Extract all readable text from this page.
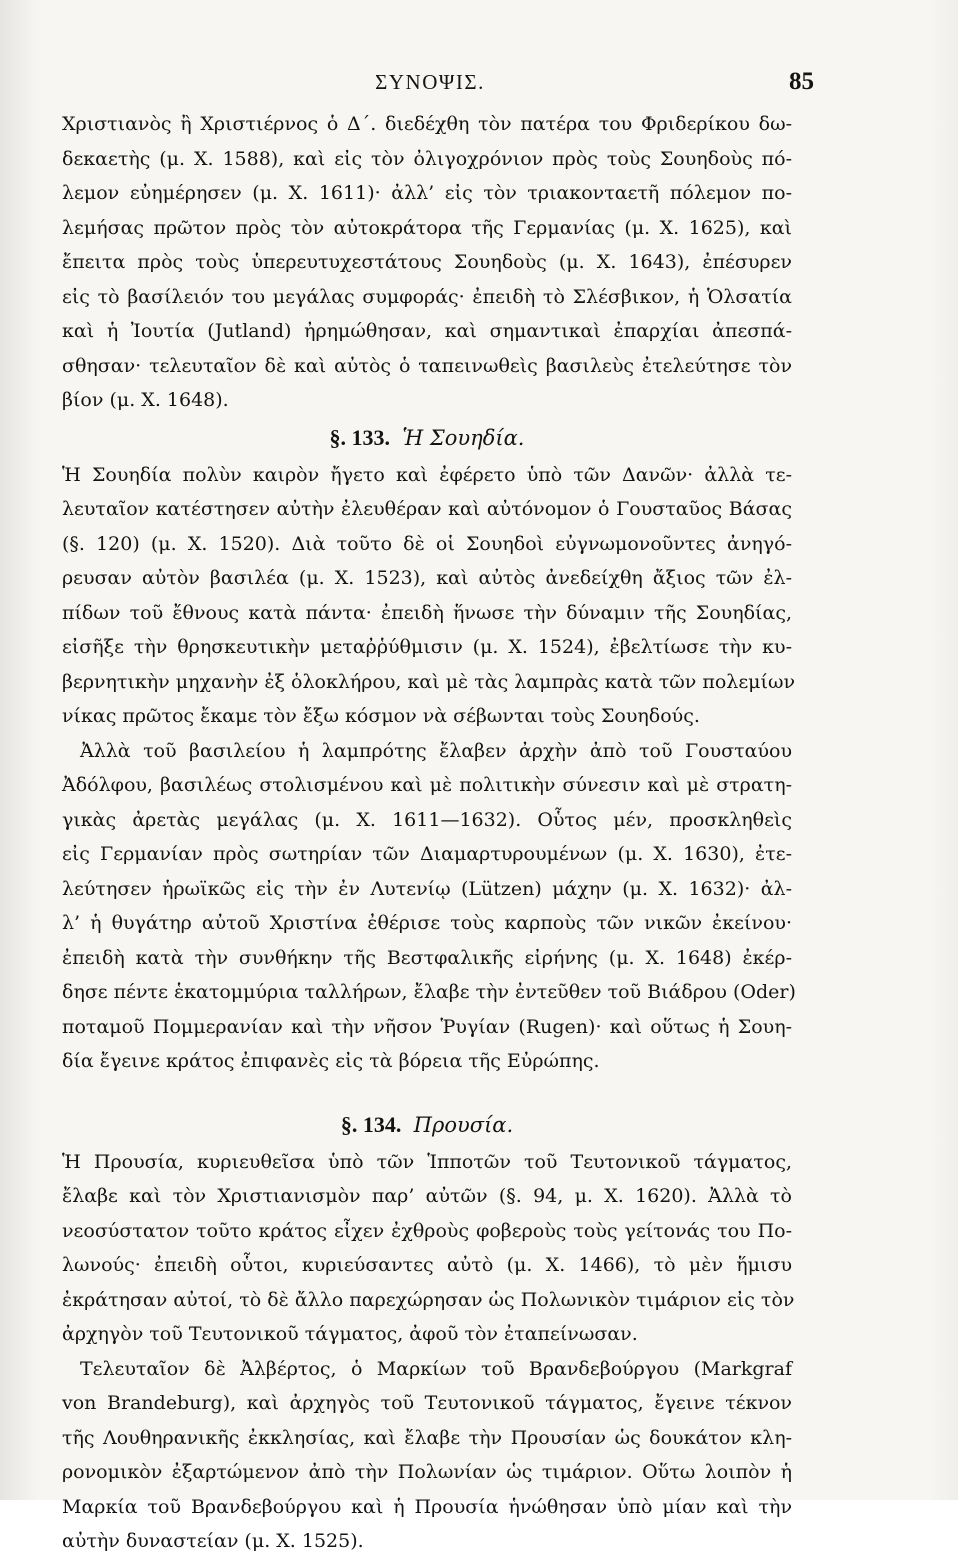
ΣΥΝΟΨΙΣ.	85
Χριστιανὸς ἢ Χριστιέρνος ὁ Δ΄. διεδέχθη τὸν πατέρα του Φριδερίκου δω-
δεκαετὴς (μ. Χ. 1588), καὶ εἰς τὸν ὀλιγοχρόνιον πρὸς τοὺς Σουηδοὺς πό-
λεμον εὐημέρησεν (μ. Χ. 1611)· ἀλλ’ εἰς τὸν τριακονταετῆ πόλεμον πο-
λεμήσας πρῶτον πρὸς τὸν αὐτοκράτορα τῆς Γερμανίας (μ. Χ. 1625), καὶ
ἔπειτα πρὸς τοὺς ὑπερευτυχεστάτους Σουηδοὺς (μ. Χ. 1643), ἐπέσυρεν
εἰς τὸ βασίλειόν του μεγάλας συμφοράς· ἐπειδὴ τὸ Σλέσβικον, ἡ Ὁλσατία
καὶ ἡ Ἰουτία (Jutland) ἠρημώθησαν, καὶ σημαντικαὶ ἐπαρχίαι ἀπεσπά-
σθησαν· τελευταῖον δὲ καὶ αὐτὸς ὁ ταπεινωθεὶς βασιλεὺς ἐτελεύτησε τὸν
βίον (μ. Χ. 1648).
§. 133. Ἡ Σουηδία.
Ἡ Σουηδία πολὺν καιρὸν ἤγετο καὶ ἐφέρετο ὑπὸ τῶν Δανῶν· ἀλλὰ τε-
λευταῖον κατέστησεν αὐτὴν ἐλευθέραν καὶ αὐτόνομον ὁ Γουσταῦος Βάσας
(§. 120) (μ. Χ. 1520). Διὰ τοῦτο δὲ οἱ Σουηδοὶ εὐγνωμονοῦντες ἀνηγό-
ρευσαν αὐτὸν βασιλέα (μ. Χ. 1523), καὶ αὐτὸς ἀνεδείχθη ἄξιος τῶν ἐλ-
πίδων τοῦ ἔθνους κατὰ πάντα· ἐπειδὴ ἥνωσε τὴν δύναμιν τῆς Σουηδίας,
εἰσῆξε τὴν θρησκευτικὴν μεταῤῥύθμισιν (μ. Χ. 1524), ἐβελτίωσε τὴν κυ-
βερνητικὴν μηχανὴν ἐξ ὁλοκλήρου, καὶ μὲ τὰς λαμπρὰς κατὰ τῶν πολεμίων
νίκας πρῶτος ἔκαμε τὸν ἔξω κόσμον νὰ σέβωνται τοὺς Σουηδούς.
Ἀλλὰ τοῦ βασιλείου ἡ λαμπρότης ἔλαβεν ἀρχὴν ἀπὸ τοῦ Γουσταύου
Ἀδόλφου, βασιλέως στολισμένου καὶ μὲ πολιτικὴν σύνεσιν καὶ μὲ στρατη-
γικὰς ἀρετὰς μεγάλας (μ. Χ. 1611—1632). Οὗτος μέν, προσκληθεὶς
εἰς Γερμανίαν πρὸς σωτηρίαν τῶν Διαμαρτυρουμένων (μ. Χ. 1630), ἐτε-
λεύτησεν ἡρωϊκῶς εἰς τὴν ἐν Λυτενίῳ (Lützen) μάχην (μ. Χ. 1632)· ἀλ-
λ’ ἡ θυγάτηρ αὐτοῦ Χριστίνα ἐθέρισε τοὺς καρποὺς τῶν νικῶν ἐκείνου·
ἐπειδὴ κατὰ τὴν συνθήκην τῆς Βεστφαλικῆς εἰρήνης (μ. Χ. 1648) ἐκέρ-
δησε πέντε ἑκατομμύρια ταλλήρων, ἔλαβε τὴν ἐντεῦθεν τοῦ Βιάδρου (Oder)
ποταμοῦ Πομμερανίαν καὶ τὴν νῆσον Ῥυγίαν (Rugen)· καὶ οὕτως ἡ Σουη-
δία ἔγεινε κράτος ἐπιφανὲς εἰς τὰ βόρεια τῆς Εὐρώπης.
§. 134. Προυσία.
Ἡ Προυσία, κυριευθεῖσα ὑπὸ τῶν Ἱπποτῶν τοῦ Τευτονικοῦ τάγματος,
ἔλαβε καὶ τὸν Χριστιανισμὸν παρ’ αὐτῶν (§. 94, μ. Χ. 1620). Ἀλλὰ τὸ
νεοσύστατον τοῦτο κράτος εἶχεν ἐχθροὺς φοβεροὺς τοὺς γείτονάς του Πο-
λωνούς· ἐπειδὴ οὗτοι, κυριεύσαντες αὐτὸ (μ. Χ. 1466), τὸ μὲν ἥμισυ
ἐκράτησαν αὐτοί, τὸ δὲ ἄλλο παρεχώρησαν ὡς Πολωνικὸν τιμάριον εἰς τὸν
ἀρχηγὸν τοῦ Τευτονικοῦ τάγματος, ἀφοῦ τὸν ἐταπείνωσαν.
Τελευταῖον δὲ Ἀλβέρτος, ὁ Μαρκίων τοῦ Βρανδεβούργου (Markgraf
von Brandeburg), καὶ ἀρχηγὸς τοῦ Τευτονικοῦ τάγματος, ἔγεινε τέκνον
τῆς Λουθηρανικῆς ἐκκλησίας, καὶ ἔλαβε τὴν Προυσίαν ὡς δουκάτον κλη-
ρονομικὸν ἐξαρτώμενον ἀπὸ τὴν Πολωνίαν ὡς τιμάριον. Οὕτω λοιπὸν ἡ
Μαρκία τοῦ Βρανδεβούργου καὶ ἡ Προυσία ἡνώθησαν ὑπὸ μίαν καὶ τὴν
αὐτὴν δυναστείαν (μ. Χ. 1525).
